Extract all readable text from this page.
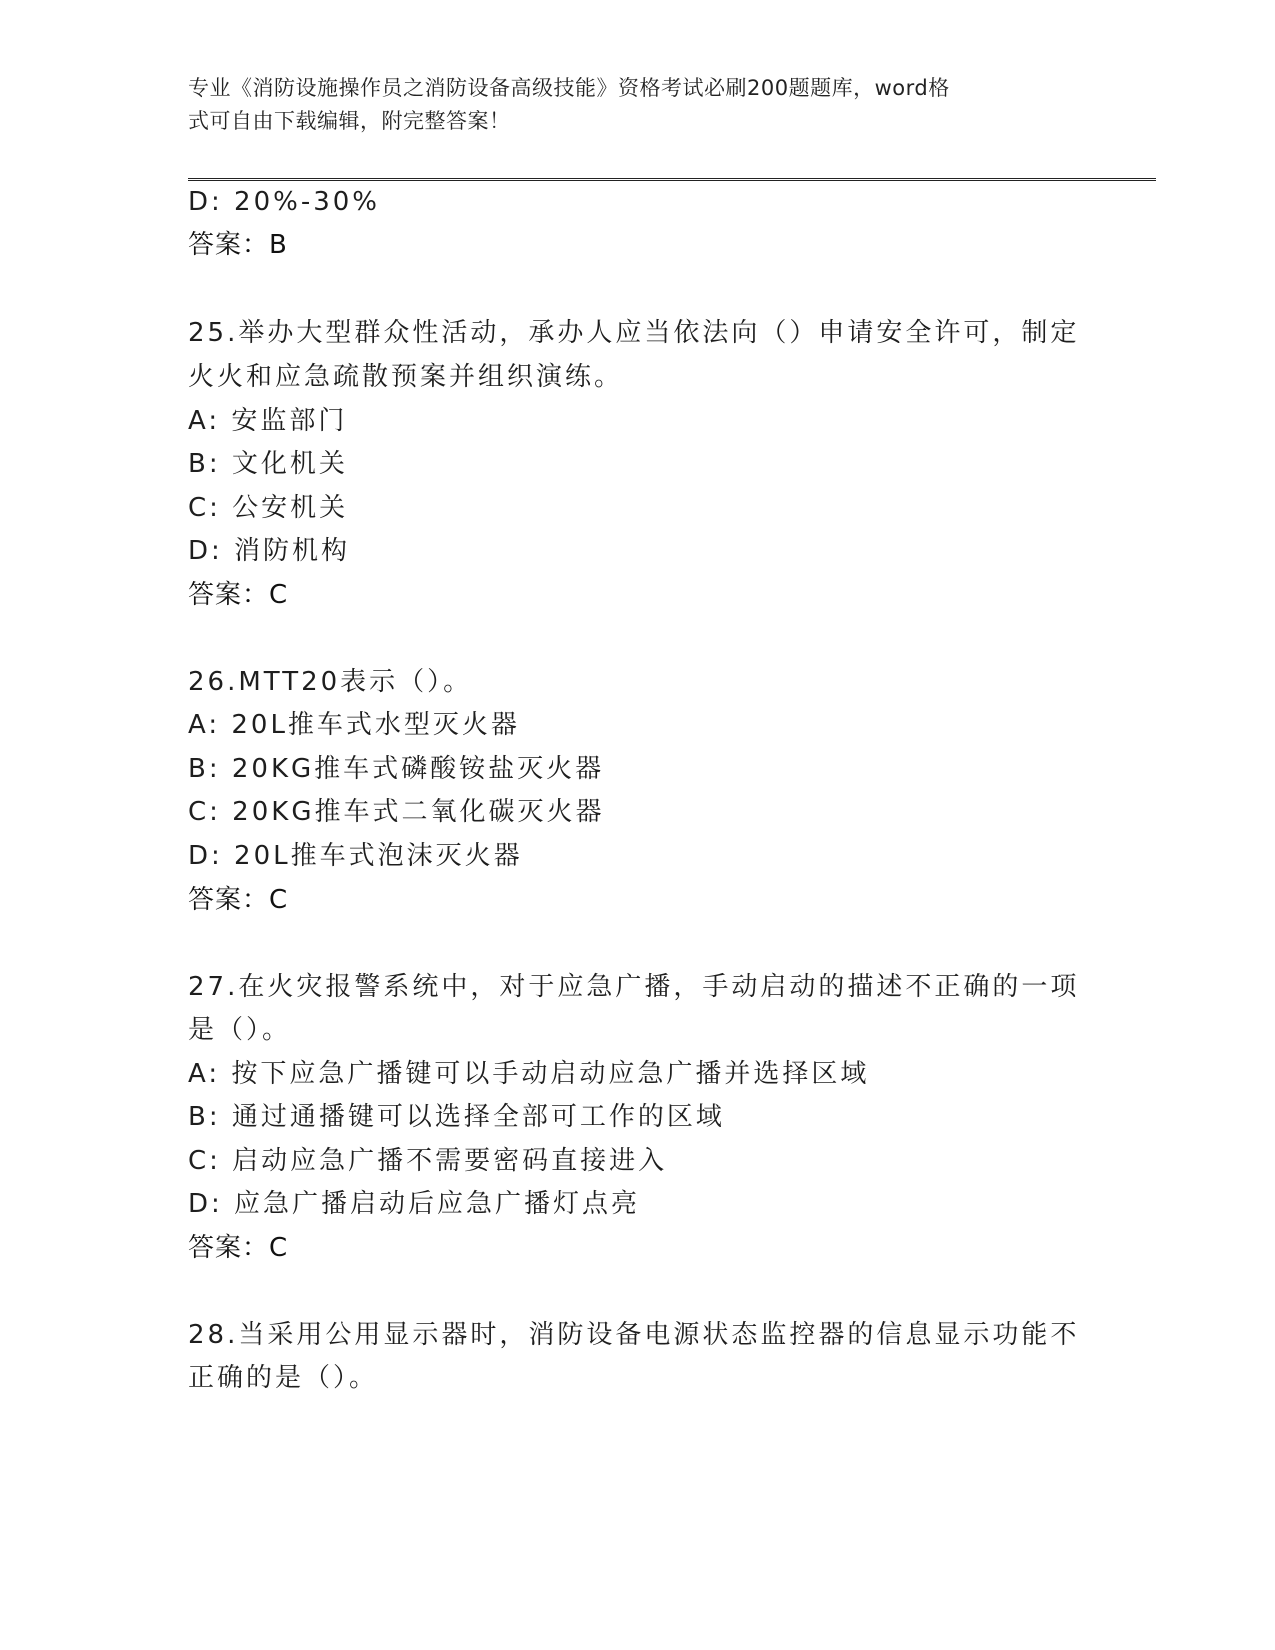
专业《消防设施操作员之消防设备高级技能》资格考试必刷200题题库，word格
式可自由下载编辑，附完整答案！
D: 20%-30%
答案：B
25.举办大型群众性活动，承办人应当依法向（）申请安全许可，制定
火火和应急疏散预案并组织演练。
A: 安监部门
B: 文化机关
C: 公安机关
D: 消防机构
答案：C
26.MTT20表示（）。
A: 20L推车式水型灭火器
B: 20KG推车式磷酸铵盐灭火器
C: 20KG推车式二氧化碳灭火器
D: 20L推车式泡沫灭火器
答案：C
27.在火灾报警系统中，对于应急广播，手动启动的描述不正确的一项
是（）。
A: 按下应急广播键可以手动启动应急广播并选择区域
B: 通过通播键可以选择全部可工作的区域
C: 启动应急广播不需要密码直接进入
D: 应急广播启动后应急广播灯点亮
答案：C
28.当采用公用显示器时，消防设备电源状态监控器的信息显示功能不
正确的是（）。
